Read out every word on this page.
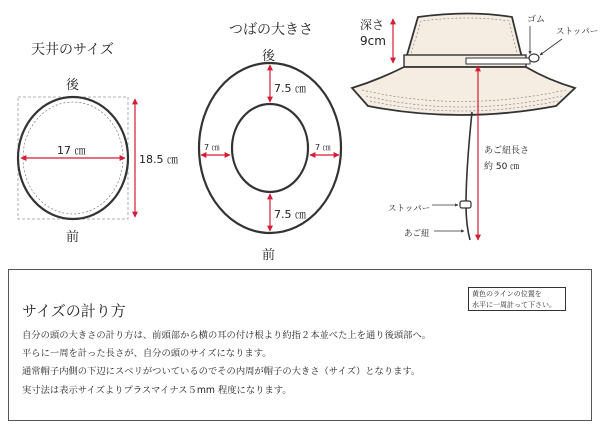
天井のサイズ
後
17 ㎝
18.5 ㎝
前
つばの大きさ
後
7.5 ㎝
7.5 ㎝
7 ㎝	7 ㎝
前
深さ
9cm
ゴム
ストッパー
あご紐長さ
約 50 ㎝
ストッパー
あご紐
サイズの計り方

自分の頭の大きさの計り方は、前頭部から横の耳の付け根より約指２本並べた上を通り後頭部へ。
平らに一周を計った長さが、自分の頭のサイズになります。
通常帽子内側の下辺にスベリがついているのでその内周が帽子の大きさ（サイズ）となります。
実寸法は表示サイズよりプラスマイナス５mm 程度になります。

黄色のラインの位置を
水平に一周計って下さい。
